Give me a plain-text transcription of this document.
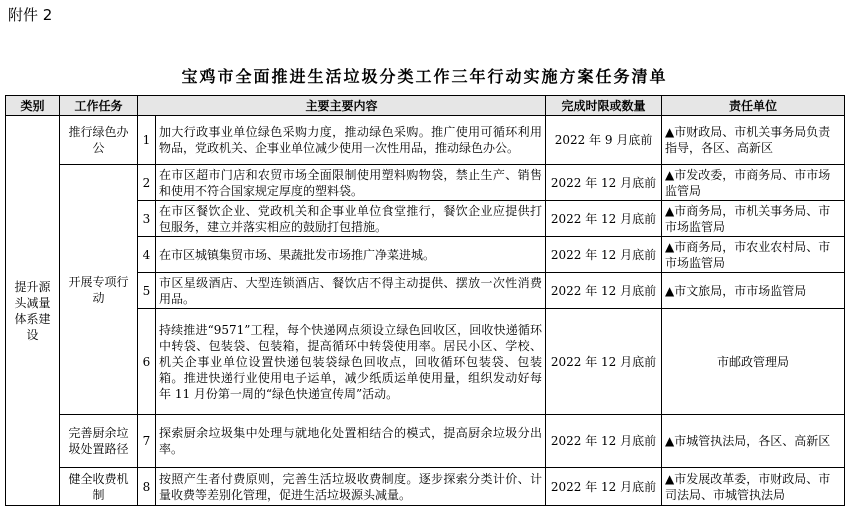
附件 2
宝鸡市全面推进生活垃圾分类工作三年行动实施方案任务清单
类别	工作任务	主要主要内容		完成时限或数量	责任单位
提升源头减量体系建设	推行绿色办公	1	加大行政事业单位绿色采购力度，推动绿色采购。推广使用可循环利用物品，党政机关、企事业单位减少使用一次性用品，推动绿色办公。	2022 年 9 月底前	▲市财政局、市机关事务局负责指导，各区、高新区
	开展专项行动	2	在市区超市门店和农贸市场全面限制使用塑料购物袋，禁止生产、销售和使用不符合国家规定厚度的塑料袋。	2022 年 12 月底前	▲市发改委，市商务局、市市场监管局
		3	在市区餐饮企业、党政机关和企事业单位食堂推行，餐饮企业应提供打包服务，建立并落实相应的鼓励打包措施。	2022 年 12 月底前	▲市商务局，市机关事务局、市市场监管局
		4	在市区城镇集贸市场、果蔬批发市场推广净菜进城。	2022 年 12 月底前	▲市商务局，市农业农村局、市市场监管局
		5	市区星级酒店、大型连锁酒店、餐饮店不得主动提供、摆放一次性消费用品。	2022 年 12 月底前	▲市文旅局，市市场监管局
		6	持续推进“9571”工程，每个快递网点须设立绿色回收区，回收快递循环中转袋、包装袋、包装箱，提高循环中转袋使用率。居民小区、学校、机关企事业单位设置快递包装袋绿色回收点，回收循环包装袋、包装箱。推进快递行业使用电子运单，减少纸质运单使用量，组织发动好每年 11 月份第一周的“绿色快递宣传周”活动。	2022 年 12 月底前	市邮政管理局
	完善厨余垃圾处置路径	7	探索厨余垃圾集中处理与就地化处置相结合的模式，提高厨余垃圾分出率。	2022 年 12 月底前	▲市城管执法局，各区、高新区
	健全收费机制	8	按照产生者付费原则，完善生活垃圾收费制度。逐步探索分类计价、计量收费等差别化管理，促进生活垃圾源头减量。	2022 年 12 月底前	▲市发展改革委，市财政局、市司法局、市城管执法局
